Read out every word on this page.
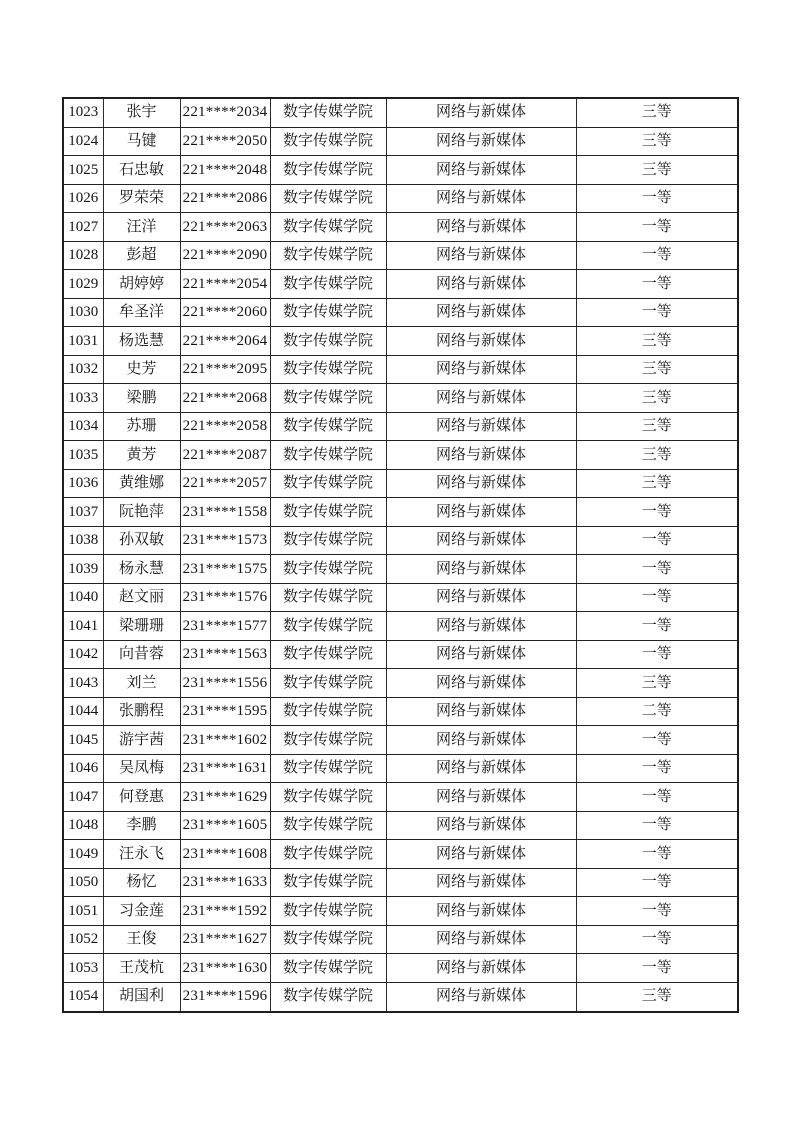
1023	张宇	221****2034	数字传媒学院	网络与新媒体	三等
1024	马键	221****2050	数字传媒学院	网络与新媒体	三等
1025	石忠敏	221****2048	数字传媒学院	网络与新媒体	三等
1026	罗荣荣	221****2086	数字传媒学院	网络与新媒体	一等
1027	汪洋	221****2063	数字传媒学院	网络与新媒体	一等
1028	彭超	221****2090	数字传媒学院	网络与新媒体	一等
1029	胡婷婷	221****2054	数字传媒学院	网络与新媒体	一等
1030	牟圣洋	221****2060	数字传媒学院	网络与新媒体	一等
1031	杨选慧	221****2064	数字传媒学院	网络与新媒体	三等
1032	史芳	221****2095	数字传媒学院	网络与新媒体	三等
1033	梁鹏	221****2068	数字传媒学院	网络与新媒体	三等
1034	苏珊	221****2058	数字传媒学院	网络与新媒体	三等
1035	黄芳	221****2087	数字传媒学院	网络与新媒体	三等
1036	黄维娜	221****2057	数字传媒学院	网络与新媒体	三等
1037	阮艳萍	231****1558	数字传媒学院	网络与新媒体	一等
1038	孙双敏	231****1573	数字传媒学院	网络与新媒体	一等
1039	杨永慧	231****1575	数字传媒学院	网络与新媒体	一等
1040	赵文丽	231****1576	数字传媒学院	网络与新媒体	一等
1041	梁珊珊	231****1577	数字传媒学院	网络与新媒体	一等
1042	向昔蓉	231****1563	数字传媒学院	网络与新媒体	一等
1043	刘兰	231****1556	数字传媒学院	网络与新媒体	三等
1044	张鹏程	231****1595	数字传媒学院	网络与新媒体	二等
1045	游宇茜	231****1602	数字传媒学院	网络与新媒体	一等
1046	吴凤梅	231****1631	数字传媒学院	网络与新媒体	一等
1047	何登惠	231****1629	数字传媒学院	网络与新媒体	一等
1048	李鹏	231****1605	数字传媒学院	网络与新媒体	一等
1049	汪永飞	231****1608	数字传媒学院	网络与新媒体	一等
1050	杨忆	231****1633	数字传媒学院	网络与新媒体	一等
1051	习金莲	231****1592	数字传媒学院	网络与新媒体	一等
1052	王俊	231****1627	数字传媒学院	网络与新媒体	一等
1053	王茂杭	231****1630	数字传媒学院	网络与新媒体	一等
1054	胡国利	231****1596	数字传媒学院	网络与新媒体	三等
